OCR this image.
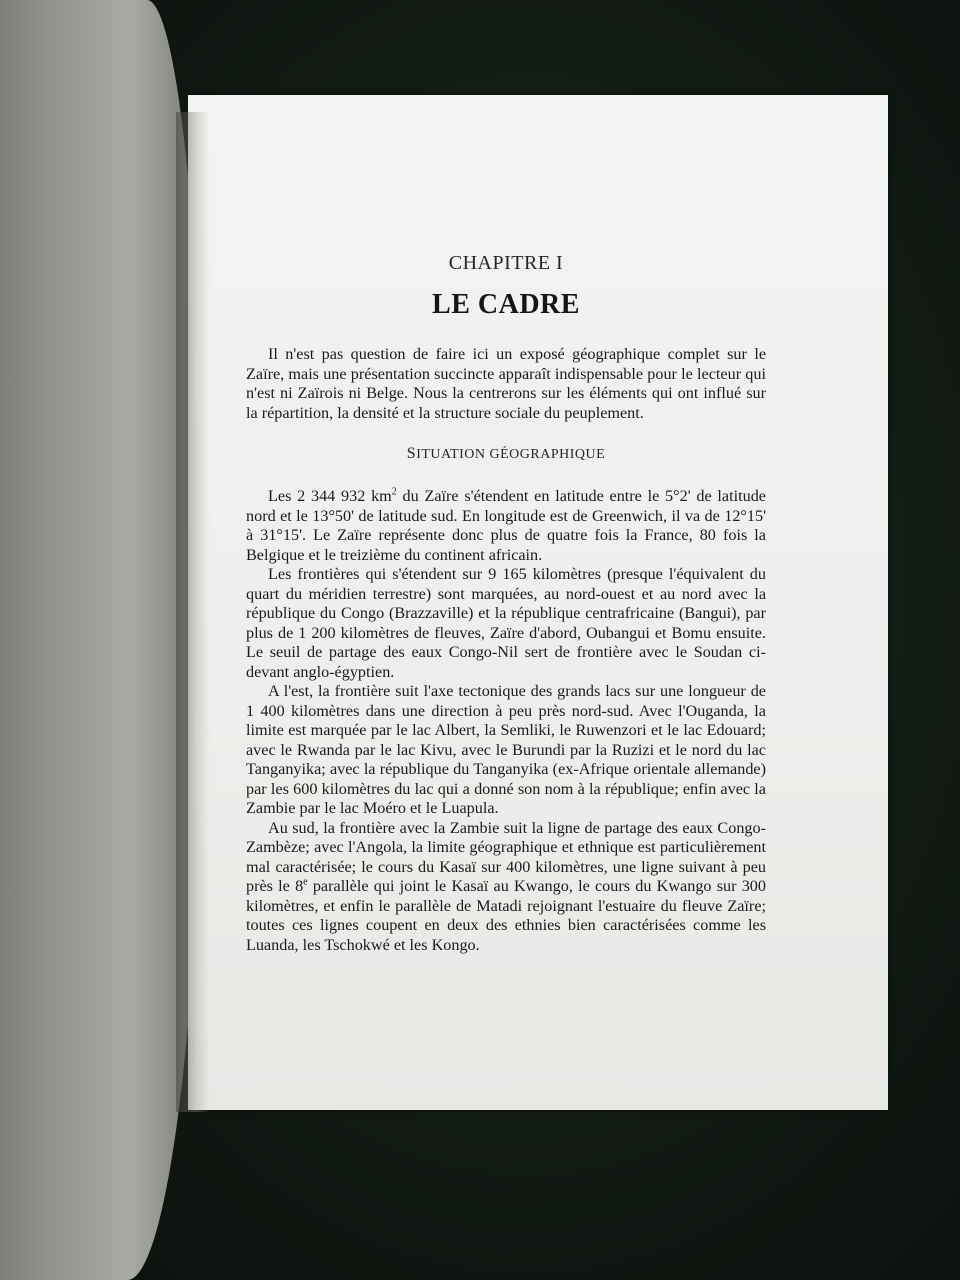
CHAPITRE I
LE CADRE

Il n'est pas question de faire ici un exposé géographique complet sur le Zaïre, mais une présentation succincte apparaît indispensable pour le lecteur qui n'est ni Zaïrois ni Belge. Nous la centrerons sur les éléments qui ont influé sur la répartition, la densité et la structure sociale du peuplement.

SITUATION GÉOGRAPHIQUE

Les 2 344 932 $km^2$ du Zaïre s'étendent en latitude entre le 5°2' de latitude nord et le 13°50' de latitude sud. En longitude est de Greenwich, il va de 12°15' à 31°15'. Le Zaïre représente donc plus de quatre fois la France, 80 fois la Belgique et le treizième du continent africain.

Les frontières qui s'étendent sur 9 165 kilomètres (presque l'équivalent du quart du méridien terrestre) sont marquées, au nord-ouest et au nord avec la république du Congo (Brazzaville) et la république centrafricaine (Bangui), par plus de 1 200 kilomètres de fleuves, Zaïre d'abord, Oubangui et Bomu ensuite. Le seuil de partage des eaux Congo-Nil sert de frontière avec le Soudan ci-devant anglo-égyptien.

A l'est, la frontière suit l'axe tectonique des grands lacs sur une longueur de 1 400 kilomètres dans une direction à peu près nord-sud. Avec l'Ouganda, la limite est marquée par le lac Albert, la Semliki, le Ruwenzori et le lac Edouard; avec le Rwanda par le lac Kivu, avec le Burundi par la Ruzizi et le nord du lac Tanganyika; avec la république du Tanganyika (ex-Afrique orientale allemande) par les 600 kilomètres du lac qui a donné son nom à la république; enfin avec la Zambie par le lac Moéro et le Luapula.

Au sud, la frontière avec la Zambie suit la ligne de partage des eaux Congo-Zambèze; avec l'Angola, la limite géographique et ethnique est particulièrement mal caractérisée; le cours du Kasaï sur 400 kilomètres, une ligne suivant à peu près le 8e parallèle qui joint le Kasaï au Kwango, le cours du Kwango sur 300 kilomètres, et enfin le parallèle de Matadi rejoignant l'estuaire du fleuve Zaïre; toutes ces lignes coupent en deux des ethnies bien caractérisées comme les Luanda, les Tschokwé et les Kongo.
